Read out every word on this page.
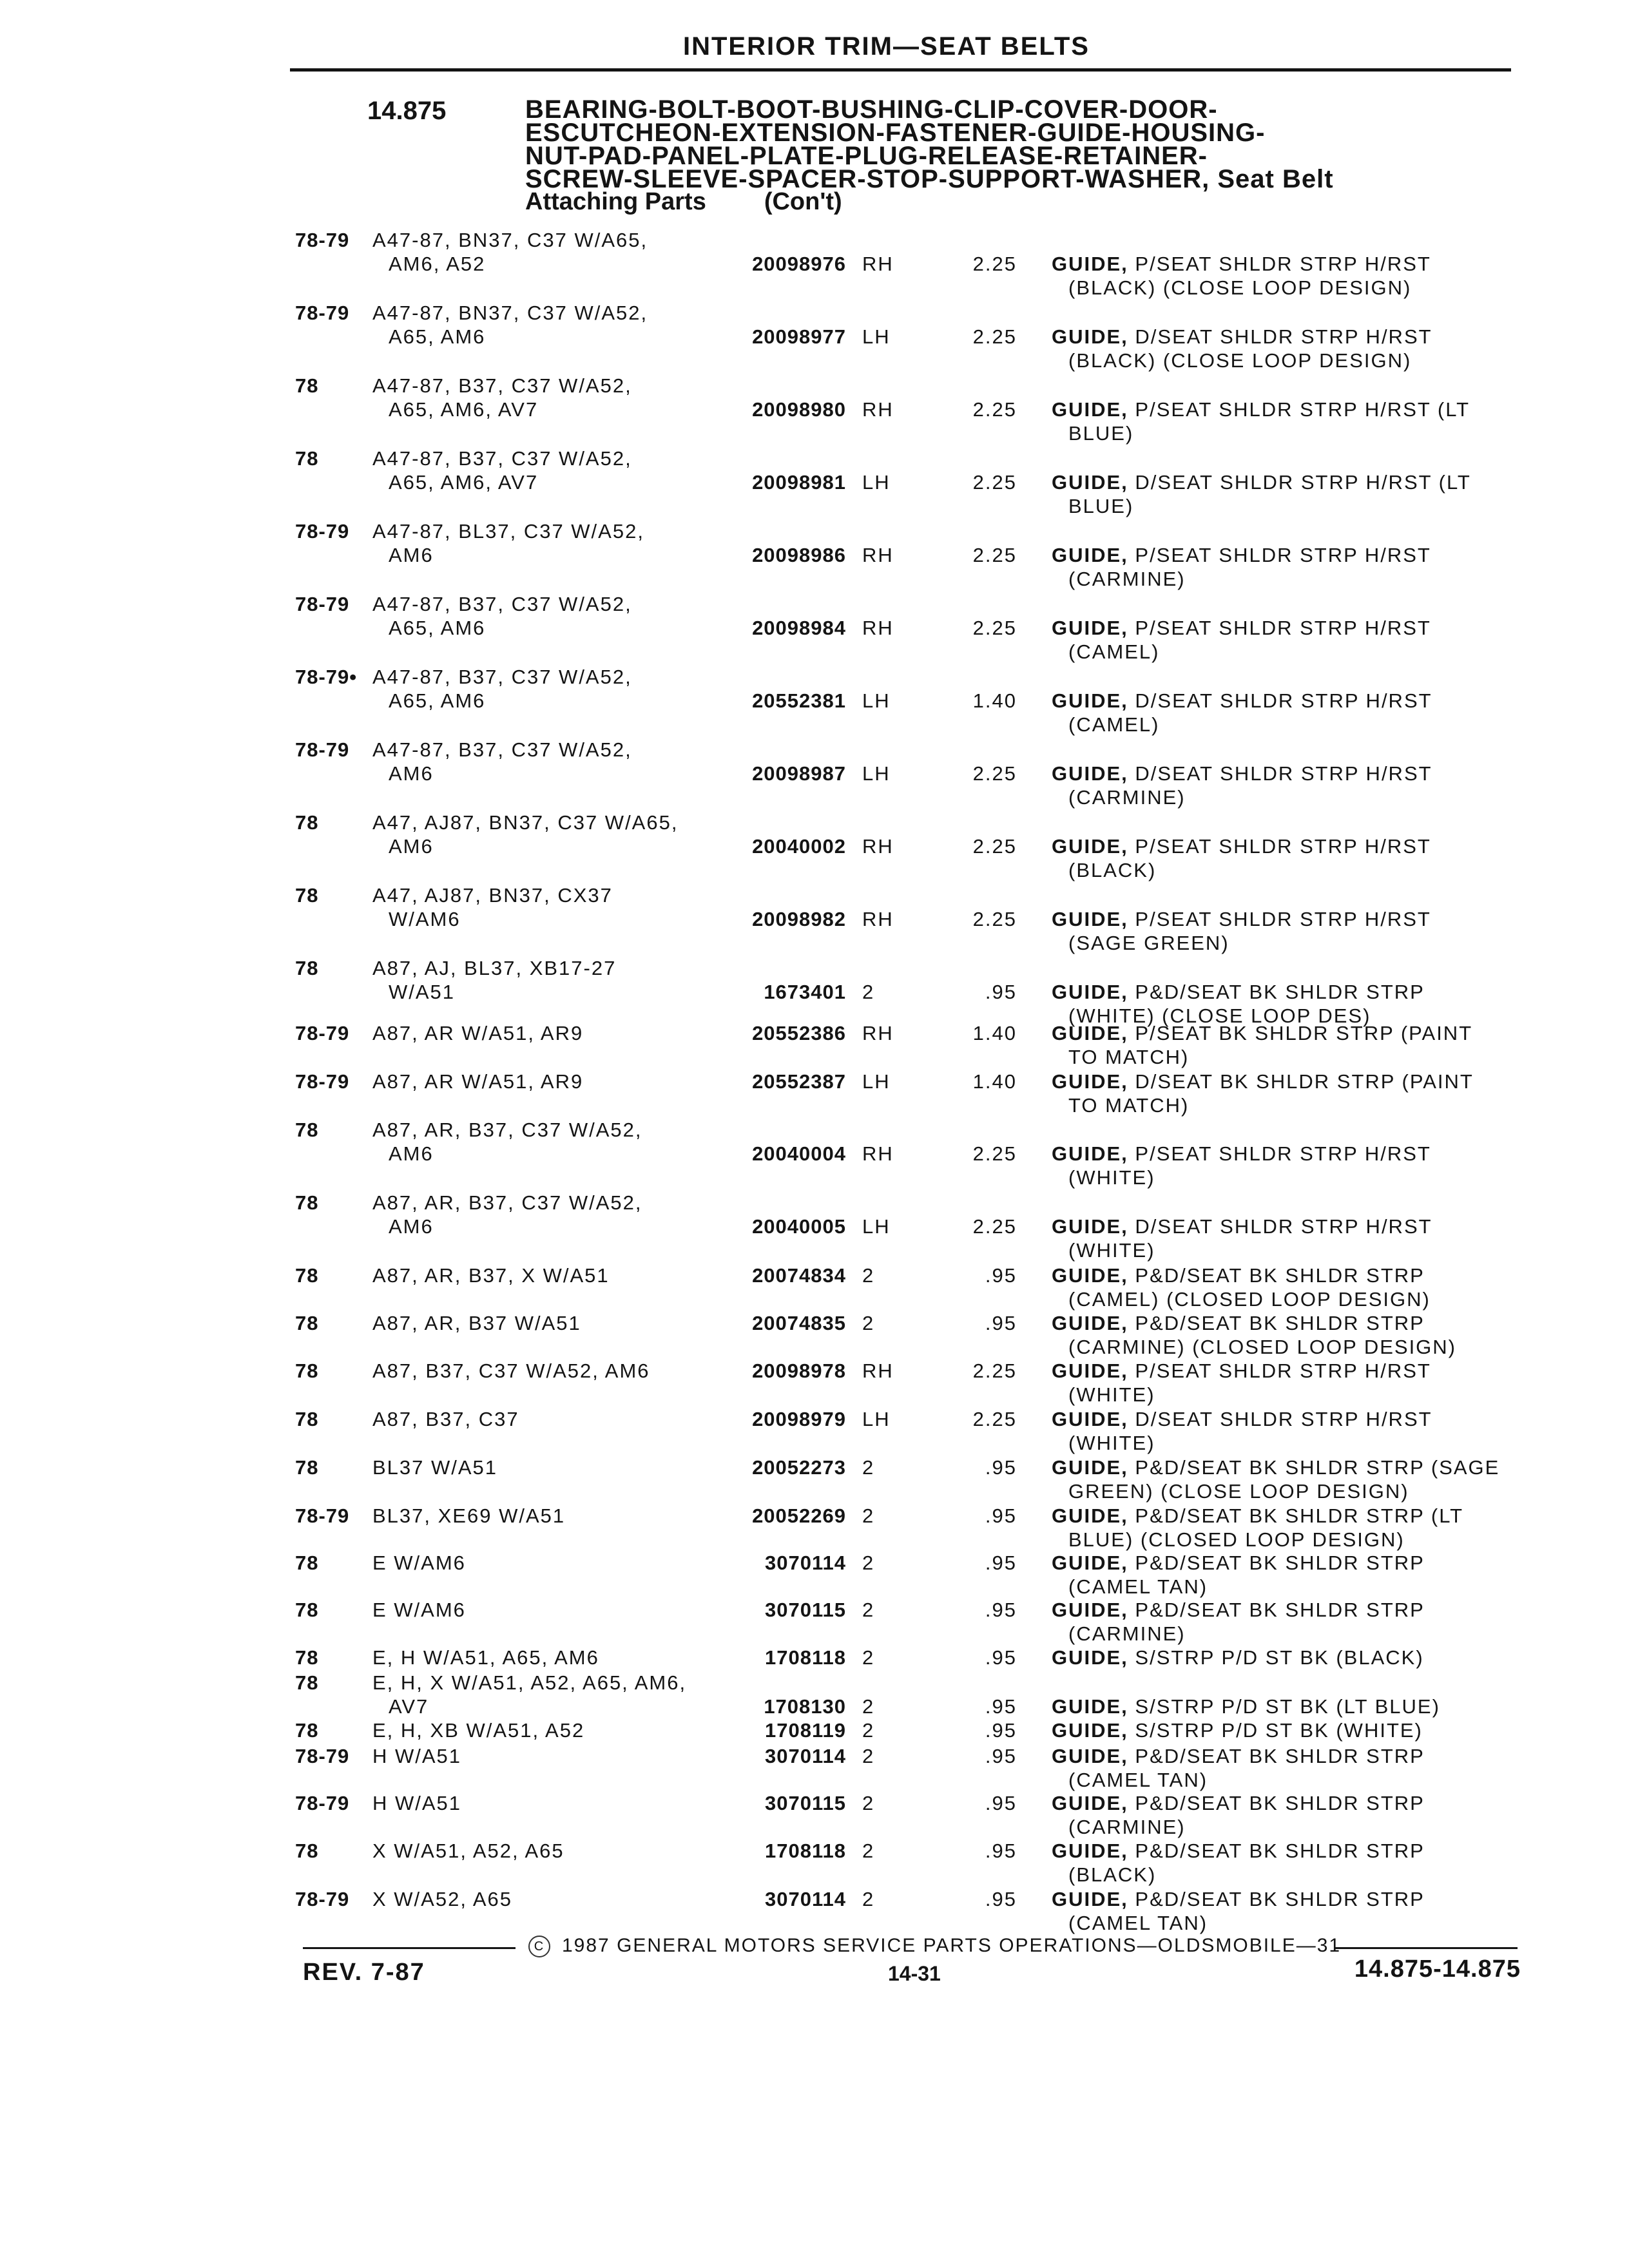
INTERIOR TRIM—SEAT BELTS
14.875	BEARING-BOLT-BOOT-BUSHING-CLIP-COVER-DOOR-
ESCUTCHEON-EXTENSION-FASTENER-GUIDE-HOUSING-
NUT-PAD-PANEL-PLATE-PLUG-RELEASE-RETAINER-
SCREW-SLEEVE-SPACER-STOP-SUPPORT-WASHER, Seat Belt
Attaching Parts (Con't)
78-79 A47-87, BN37, C37 W/A65,
AM6, A52	20098976 RH	2.25 GUIDE, P/SEAT SHLDR STRP H/RST
(BLACK) (CLOSE LOOP DESIGN)
78-79 A47-87, BN37, C37 W/A52,
A65, AM6	20098977 LH	2.25 GUIDE, D/SEAT SHLDR STRP H/RST
(BLACK) (CLOSE LOOP DESIGN)
78	A47-87, B37, C37 W/A52,
A65, AM6, AV7	20098980 RH	2.25 GUIDE, P/SEAT SHLDR STRP H/RST (LT
BLUE)
78	A47-87, B37, C37 W/A52,
A65, AM6, AV7	20098981 LH	2.25 GUIDE, D/SEAT SHLDR STRP H/RST (LT
BLUE)
78-79 A47-87, BL37, C37 W/A52,
AM6	20098986 RH	2.25 GUIDE, P/SEAT SHLDR STRP H/RST
(CARMINE)
78-79 A47-87, B37, C37 W/A52,
A65, AM6	20098984 RH	2.25 GUIDE, P/SEAT SHLDR STRP H/RST
(CAMEL)
78-79• A47-87, B37, C37 W/A52,
A65, AM6	20552381 LH	1.40 GUIDE, D/SEAT SHLDR STRP H/RST
(CAMEL)
78-79 A47-87, B37, C37 W/A52,
AM6	20098987 LH	2.25 GUIDE, D/SEAT SHLDR STRP H/RST
(CARMINE)
78	A47, AJ87, BN37, C37 W/A65,
AM6	20040002 RH	2.25 GUIDE, P/SEAT SHLDR STRP H/RST
(BLACK)
78	A47, AJ87, BN37, CX37
W/AM6	20098982 RH	2.25 GUIDE, P/SEAT SHLDR STRP H/RST
(SAGE GREEN)
78	A87, AJ, BL37, XB17-27
W/A51	1673401 2	.95 GUIDE, P&D/SEAT BK SHLDR STRP
(WHITE) (CLOSE LOOP DES)
78-79 A87, AR W/A51, AR9	20552386 RH	1.40 GUIDE, P/SEAT BK SHLDR STRP (PAINT
TO MATCH)
78-79 A87, AR W/A51, AR9	20552387 LH	1.40 GUIDE, D/SEAT BK SHLDR STRP (PAINT
TO MATCH)
78	A87, AR, B37, C37 W/A52,
AM6	20040004 RH	2.25 GUIDE, P/SEAT SHLDR STRP H/RST
(WHITE)
78	A87, AR, B37, C37 W/A52,
AM6	20040005 LH	2.25 GUIDE, D/SEAT SHLDR STRP H/RST
(WHITE)
78	A87, AR, B37, X W/A51	20074834 2	.95 GUIDE, P&D/SEAT BK SHLDR STRP
(CAMEL) (CLOSED LOOP DESIGN)
78	A87, AR, B37 W/A51	20074835 2	.95 GUIDE, P&D/SEAT BK SHLDR STRP
(CARMINE) (CLOSED LOOP DESIGN)
78	A87, B37, C37 W/A52, AM6	20098978 RH	2.25 GUIDE, P/SEAT SHLDR STRP H/RST
(WHITE)
78	A87, B37, C37	20098979 LH	2.25 GUIDE, D/SEAT SHLDR STRP H/RST
(WHITE)
78	BL37 W/A51	20052273 2	.95 GUIDE, P&D/SEAT BK SHLDR STRP (SAGE
GREEN) (CLOSE LOOP DESIGN)
78-79 BL37, XE69 W/A51	20052269 2	.95 GUIDE, P&D/SEAT BK SHLDR STRP (LT
BLUE) (CLOSED LOOP DESIGN)
78	E W/AM6	3070114 2	.95 GUIDE, P&D/SEAT BK SHLDR STRP
(CAMEL TAN)
78	E W/AM6	3070115 2	.95 GUIDE, P&D/SEAT BK SHLDR STRP
(CARMINE)
78	E, H W/A51, A65, AM6	1708118 2	.95 GUIDE, S/STRP P/D ST BK (BLACK)
78	E, H, X W/A51, A52, A65, AM6,
AV7	1708130 2	.95 GUIDE, S/STRP P/D ST BK (LT BLUE)
78	E, H, XB W/A51, A52	1708119 2	.95 GUIDE, S/STRP P/D ST BK (WHITE)
78-79 H W/A51	3070114 2	.95 GUIDE, P&D/SEAT BK SHLDR STRP
(CAMEL TAN)
78-79 H W/A51	3070115 2	.95 GUIDE, P&D/SEAT BK SHLDR STRP
(CARMINE)
78	X W/A51, A52, A65	1708118 2	.95 GUIDE, P&D/SEAT BK SHLDR STRP
(BLACK)
78-79 X W/A52, A65	3070114 2	.95 GUIDE, P&D/SEAT BK SHLDR STRP
(CAMEL TAN)
C 1987 GENERAL MOTORS SERVICE PARTS OPERATIONS—OLDSMOBILE—31
REV. 7-87	14-31	14.875-14.875
